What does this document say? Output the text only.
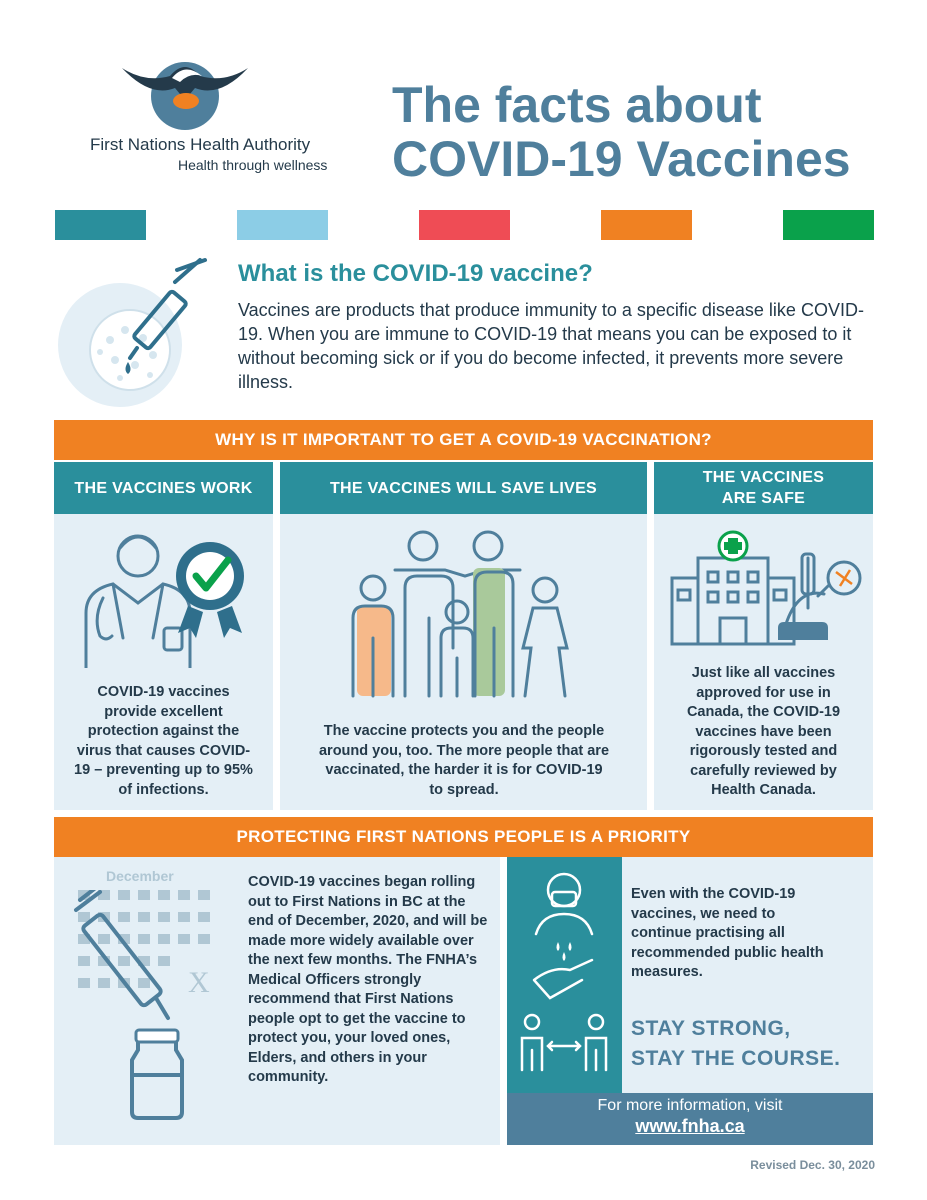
First Nations Health Authority
Health through wellness
The facts about
COVID-19 Vaccines
What is the COVID-19 vaccine?
Vaccines are products that produce immunity to a specific disease like COVID-19. When you are immune to COVID-19 that means you can be exposed to it without becoming sick or if you do become infected, it prevents more severe illness.
WHY IS IT IMPORTANT TO GET A COVID-19 VACCINATION?
THE VACCINES WORK	THE VACCINES WILL SAVE LIVES
THE VACCINES ARE SAFE
COVID-19 vaccines provide excellent protection against the virus that causes COVID-19 – preventing up to 95% of infections.
The vaccine protects you and the people around you, too. The more people that are vaccinated, the harder it is for COVID-19 to spread.
Just like all vaccines approved for use in Canada, the COVID-19 vaccines have been rigorously tested and carefully reviewed by Health Canada.
PROTECTING FIRST NATIONS PEOPLE IS A PRIORITY
December
X
COVID-19 vaccines began rolling out to First Nations in BC at the end of December, 2020, and will be made more widely available over the next few months. The FNHA’s Medical Officers strongly recommend that First Nations people opt to get the vaccine to protect you, your loved ones, Elders, and others in your community.
Even with the COVID-19 vaccines, we need to continue practising all recommended public health measures.
STAY STRONG,
STAY THE COURSE.
For more information, visit
www.fnha.ca
Revised Dec. 30, 2020
